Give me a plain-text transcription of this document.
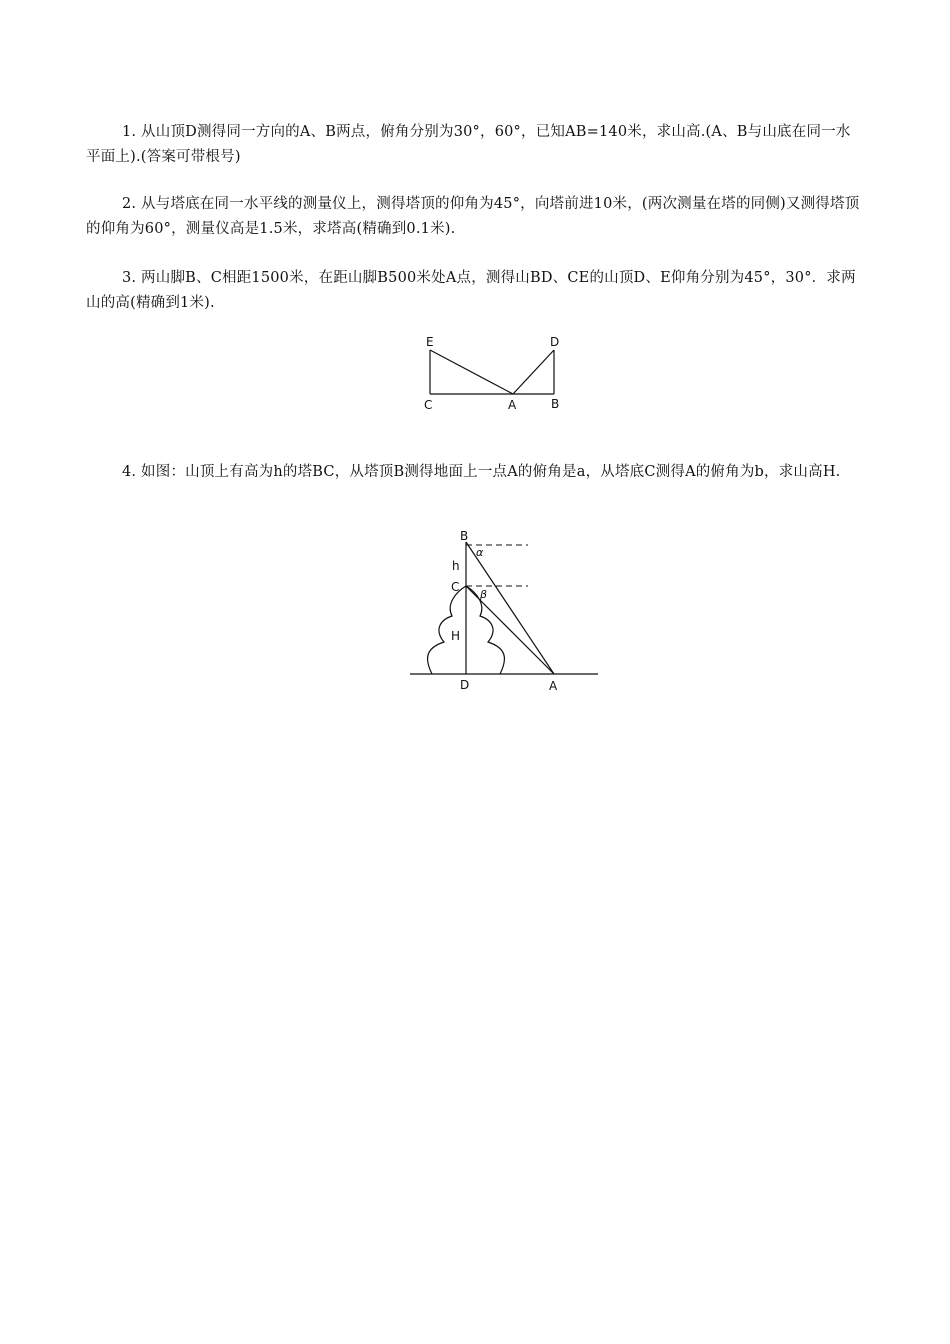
1. 从山顶D测得同一方向的A、B两点，俯角分别为30°，60°，已知AB=140米，求山高.(A、B与山底在同一水平面上).(答案可带根号)

2. 从与塔底在同一水平线的测量仪上，测得塔顶的仰角为45°，向塔前进10米，(两次测量在塔的同侧)又测得塔顶的仰角为60°，测量仪高是1.5米，求塔高(精确到0.1米).

3. 两山脚B、C相距1500米，在距山脚B500米处A点，测得山BD、CE的山顶D、E仰角分别为45°，30°．求两山的高(精确到1米).

E	D
C	A	B

4. 如图：山顶上有高为h的塔BC，从塔顶B测得地面上一点A的俯角是a，从塔底C测得A的俯角为b，求山高H.

B
α
h
C
β
H
D	A
